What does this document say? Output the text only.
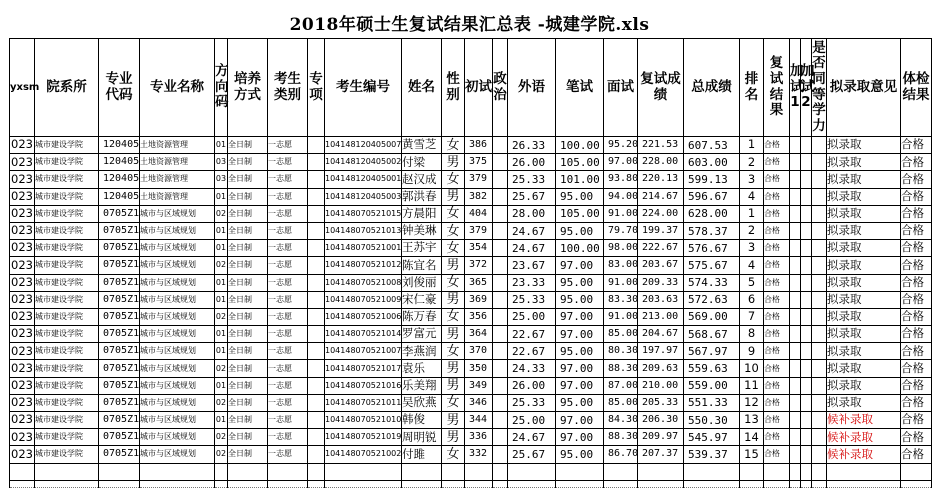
2018年硕士生复试结果汇总表 -城建学院.xls
yxsm	院系所	专业代码	专业名称	方向码	培养方式	考生类别	专项	考生编号	姓名	性别	初试	政治	外语	笔试	面试	复试成绩	总成绩	排名	复试结果	加试1	加试2	是否同等学力	拟录取意见	体检结果
023	城市建设学院	120405	土地资源管理	01	全日制	一志愿		104148120405007	黄雪芝	女	386		26.33	100.00	95.20	221.53	607.53	1	合格				拟录取	合格
023	城市建设学院	120405	土地资源管理	03	全日制	一志愿		104148120405002	付梁	男	375		26.00	105.00	97.00	228.00	603.00	2	合格				拟录取	合格
023	城市建设学院	120405	土地资源管理	03	全日制	一志愿		104148120405001	赵汉成	女	379		25.33	101.00	93.80	220.13	599.13	3	合格				拟录取	合格
023	城市建设学院	120405	土地资源管理	01	全日制	一志愿		104148120405003	郭洪春	男	382		25.67	95.00	94.00	214.67	596.67	4	合格				拟录取	合格
023	城市建设学院	0705Z1	城市与区域规划	02	全日制	一志愿		104148070521015	方晨阳	女	404		28.00	105.00	91.00	224.00	628.00	1	合格				拟录取	合格
023	城市建设学院	0705Z1	城市与区域规划	01	全日制	一志愿		104148070521013	钟美琳	女	379		24.67	95.00	79.70	199.37	578.37	2	合格				拟录取	合格
023	城市建设学院	0705Z1	城市与区域规划	01	全日制	一志愿		104148070521001	王苏宇	女	354		24.67	100.00	98.00	222.67	576.67	3	合格				拟录取	合格
023	城市建设学院	0705Z1	城市与区域规划	02	全日制	一志愿		104148070521012	陈宜名	男	372		23.67	97.00	83.00	203.67	575.67	4	合格				拟录取	合格
023	城市建设学院	0705Z1	城市与区域规划	01	全日制	一志愿		104148070521008	刘俊丽	女	365		23.33	95.00	91.00	209.33	574.33	5	合格				拟录取	合格
023	城市建设学院	0705Z1	城市与区域规划	01	全日制	一志愿		104148070521009	宋仁豪	男	369		25.33	95.00	83.30	203.63	572.63	6	合格				拟录取	合格
023	城市建设学院	0705Z1	城市与区域规划	02	全日制	一志愿		104148070521006	陈万春	女	356		25.00	97.00	91.00	213.00	569.00	7	合格				拟录取	合格
023	城市建设学院	0705Z1	城市与区域规划	01	全日制	一志愿		104148070521014	罗富元	男	364		22.67	97.00	85.00	204.67	568.67	8	合格				拟录取	合格
023	城市建设学院	0705Z1	城市与区域规划	01	全日制	一志愿		104148070521007	李燕润	女	370		22.67	95.00	80.30	197.97	567.97	9	合格				拟录取	合格
023	城市建设学院	0705Z1	城市与区域规划	02	全日制	一志愿		104148070521017	袁乐	男	350		24.33	97.00	88.30	209.63	559.63	10	合格				拟录取	合格
023	城市建设学院	0705Z1	城市与区域规划	01	全日制	一志愿		104148070521016	乐美翔	男	349		26.00	97.00	87.00	210.00	559.00	11	合格				拟录取	合格
023	城市建设学院	0705Z1	城市与区域规划	02	全日制	一志愿		104148070521011	吴欣燕	女	346		25.33	95.00	85.00	205.33	551.33	12	合格				拟录取	合格
023	城市建设学院	0705Z1	城市与区域规划	01	全日制	一志愿		104148070521010	韩俊	男	344		25.00	97.00	84.30	206.30	550.30	13	合格				候补录取	合格
023	城市建设学院	0705Z1	城市与区域规划	02	全日制	一志愿		104148070521019	周明锐	男	336		24.67	97.00	88.30	209.97	545.97	14	合格				候补录取	合格
023	城市建设学院	0705Z1	城市与区域规划	02	全日制	一志愿		104148070521002	付雎	女	332		25.67	95.00	86.70	207.37	539.37	15	合格				候补录取	合格
